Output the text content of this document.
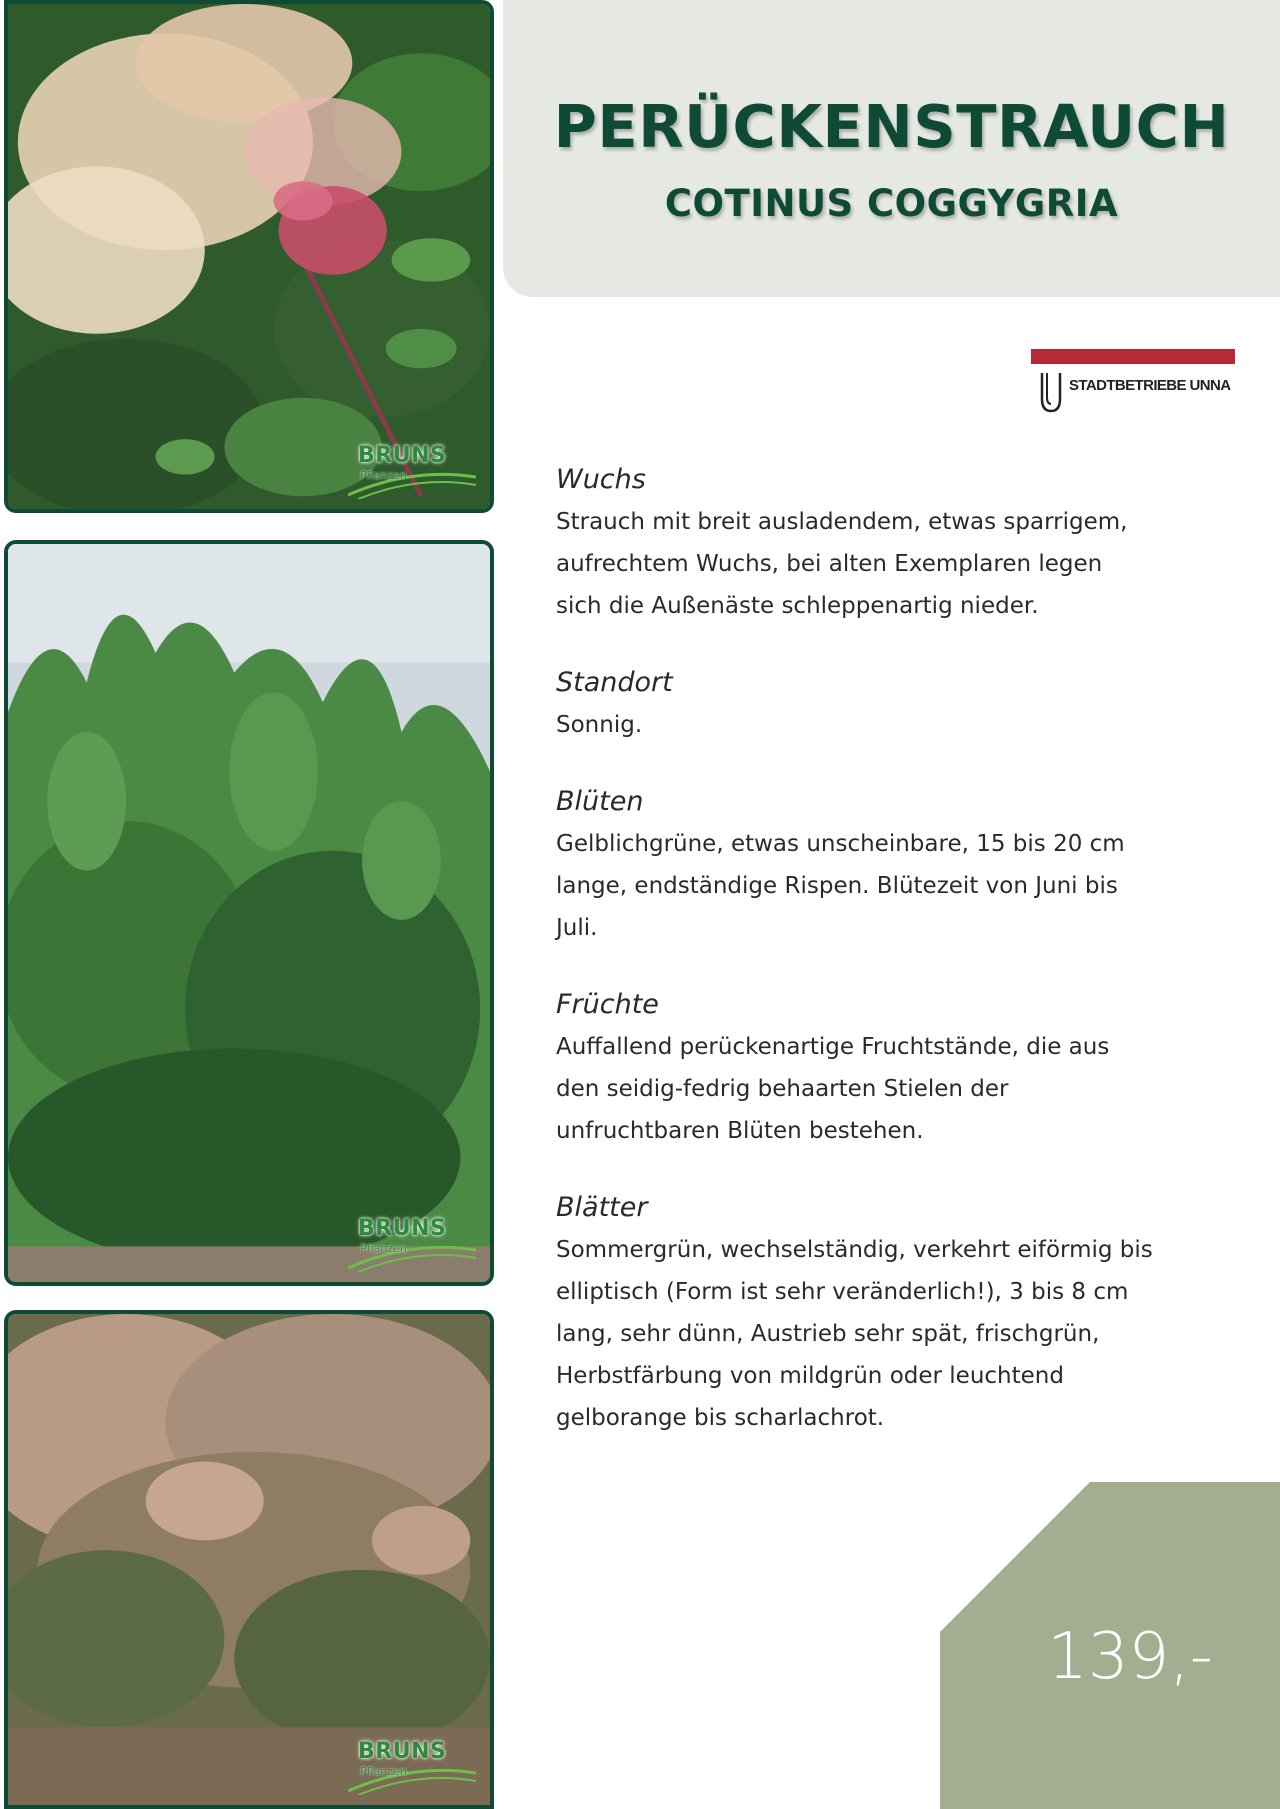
BRUNS
Pflanzen
BRUNS
Pflanzen
BRUNS
Pflanzen
PERÜCKENSTRAUCH
COTINUS COGGYGRIA
STADTBETRIEBE UNNA
Wuchs

Strauch mit breit ausladendem, etwas sparrigem,
aufrechtem Wuchs, bei alten Exemplaren legen
sich die Außenäste schleppenartig nieder.

Standort

Sonnig.

Blüten

Gelblichgrüne, etwas unscheinbare, 15 bis 20 cm
lange, endständige Rispen. Blütezeit von Juni bis
Juli.

Früchte

Auffallend perückenartige Fruchtstände, die aus
den seidig-fedrig behaarten Stielen der
unfruchtbaren Blüten bestehen.

Blätter

Sommergrün, wechselständig, verkehrt eiförmig bis
elliptisch (Form ist sehr veränderlich!), 3 bis 8 cm
lang, sehr dünn, Austrieb sehr spät, frischgrün,
Herbstfärbung von mildgrün oder leuchtend
gelborange bis scharlachrot.

139,-
